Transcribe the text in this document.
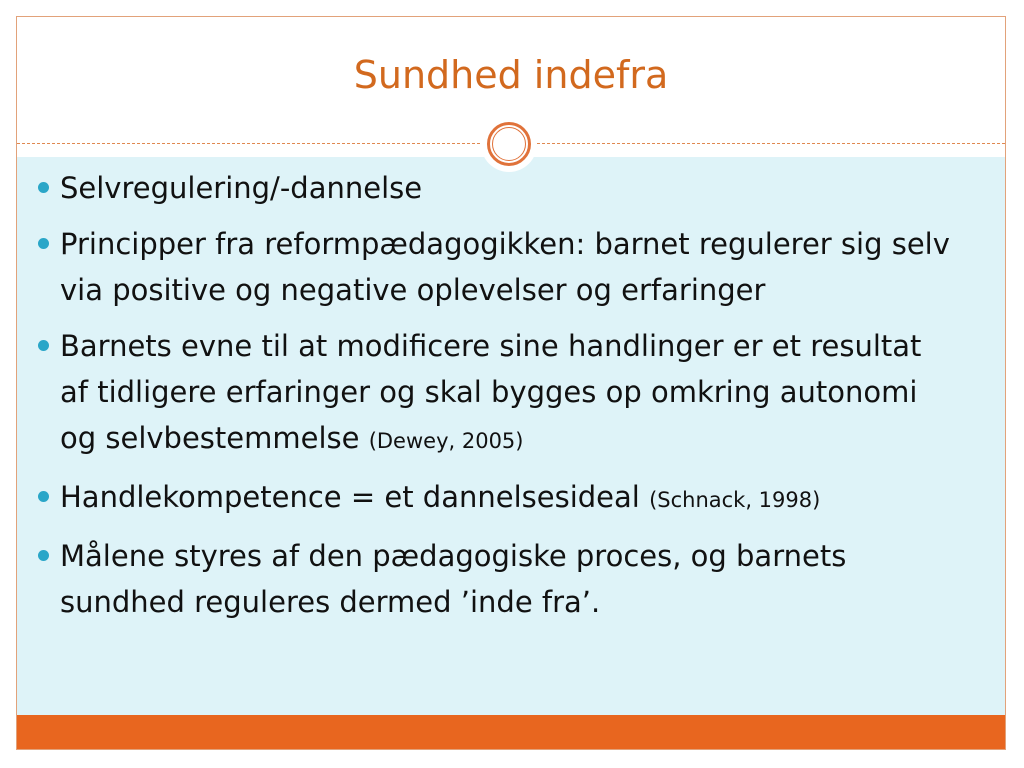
Sundhed indefra
Selvregulering/-dannelse
Principper fra reformpædagogikken: barnet regulerer sig selv via positive og negative oplevelser og erfaringer
Barnets evne til at modificere sine handlinger er et resultat af tidligere erfaringer og skal bygges op omkring autonomi og selvbestemmelse (Dewey, 2005)
Handlekompetence = et dannelsesideal (Schnack, 1998)
Målene styres af den pædagogiske proces, og barnets sundhed reguleres dermed ’inde fra’.
